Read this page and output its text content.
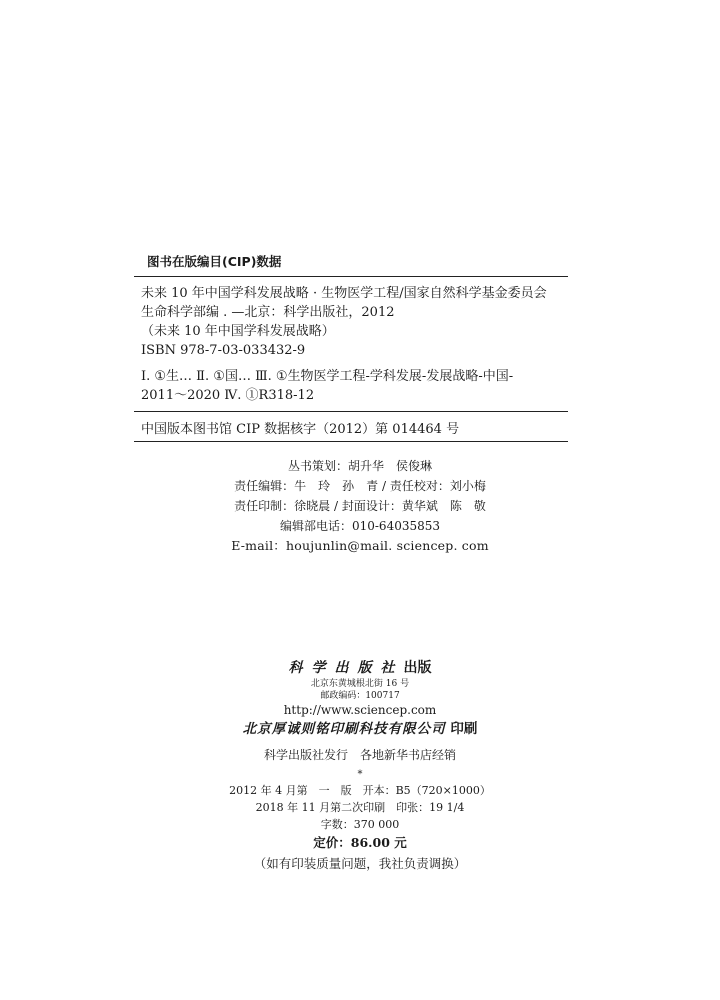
图书在版编目(CIP)数据
未来 10 年中国学科发展战略 · 生物医学工程/国家自然科学基金委员会
生命科学部编 . —北京：科学出版社，2012
（未来 10 年中国学科发展战略）
ISBN 978-7-03-033432-9
Ⅰ. ①生… Ⅱ. ①国… Ⅲ. ①生物医学工程-学科发展-发展战略-中国-
2011～2020 Ⅳ. ①R318-12
中国版本图书馆 CIP 数据核字（2012）第 014464 号
丛书策划：胡升华　侯俊琳
责任编辑：牛　玲　孙　青 / 责任校对：刘小梅
责任印制：徐晓晨 / 封面设计：黄华斌　陈　敬
编辑部电话：010-64035853
E-mail：houjunlin@mail. sciencep. com
科学出版社出版
北京东黄城根北街 16 号
邮政编码：100717
http://www.sciencep.com
北京厚诚则铭印刷科技有限公司 印刷
科学出版社发行　各地新华书店经销
*
2012 年 4 月第　一　版　开本：B5（720×1000）
2018 年 11 月第二次印刷　印张：19 1/4
字数：370 000
定价：86.00 元
（如有印装质量问题，我社负责调换）
